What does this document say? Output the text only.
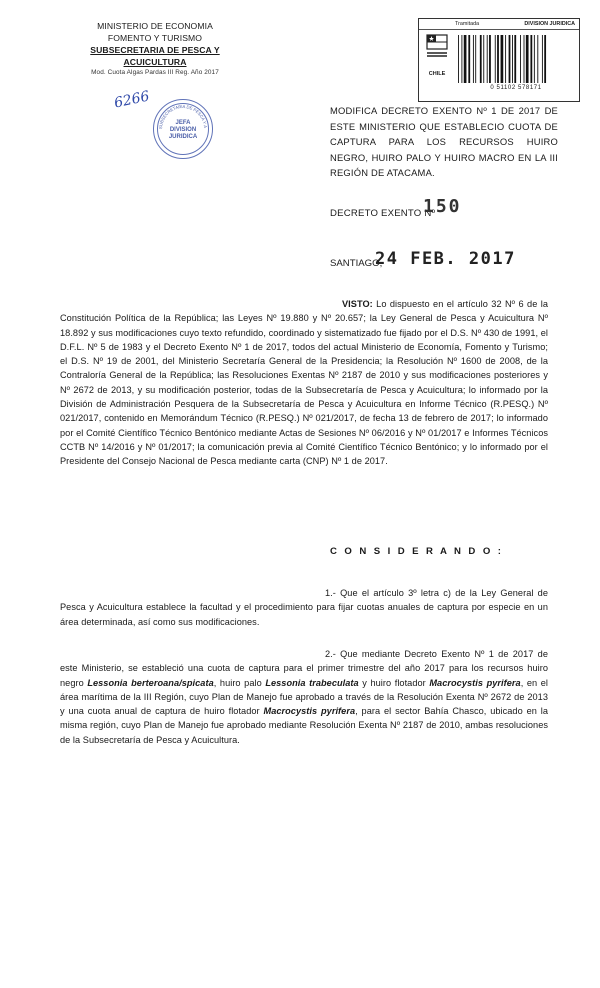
MINISTERIO DE ECONOMIA
FOMENTO Y TURISMO
SUBSECRETARIA DE PESCA Y ACUICULTURA
Mod. Cuota Algas Pardas III Reg. Año 2017
6266
SUBSECRETARIA DE PESCA Y A
JEFA
DIVISION
JURIDICA
Tramitada	DIVISION JURIDICA
CHILE
0 51102 578171
MODIFICA DECRETO EXENTO Nº 1 DE 2017 DE ESTE MINISTERIO QUE ESTABLECIO CUOTA DE CAPTURA PARA LOS RECURSOS HUIRO NEGRO, HUIRO PALO Y HUIRO MACRO EN LA III REGIÓN DE ATACAMA.
DECRETO EXENTO Nº
150
SANTIAGO,
24 FEB. 2017
VISTO: Lo dispuesto en el artículo 32 Nº 6 de la Constitución Política de la República; las Leyes Nº 19.880 y Nº 20.657; la Ley General de Pesca y Acuicultura Nº 18.892 y sus modificaciones cuyo texto refundido, coordinado y sistematizado fue fijado por el D.S. Nº 430 de 1991, el D.F.L. Nº 5 de 1983 y el Decreto Exento Nº 1 de 2017, todos del actual Ministerio de Economía, Fomento y Turismo; el D.S. Nº 19 de 2001, del Ministerio Secretaría General de la Presidencia; la Resolución Nº 1600 de 2008, de la Contraloría General de la República; las Resoluciones Exentas Nº 2187 de 2010 y sus modificaciones posteriores y Nº 2672 de 2013, y su modificación posterior, todas de la Subsecretaría de Pesca y Acuicultura; lo informado por la División de Administración Pesquera de la Subsecretaría de Pesca y Acuicultura en Informe Técnico (R.PESQ.) Nº 021/2017, contenido en Memorándum Técnico (R.PESQ.) Nº 021/2017, de fecha 13 de febrero de 2017; lo informado por el Comité Científico Técnico Bentónico mediante Actas de Sesiones Nº 06/2016 y Nº 01/2017 e Informes Técnicos CCTB Nº 14/2016 y Nº 01/2017; la comunicación previa al Comité Científico Técnico Bentónico; y lo informado por el Presidente del Consejo Nacional de Pesca mediante carta (CNP) Nº 1 de 2017.
C O N S I D E R A N D O :
1.- Que el artículo 3º letra c) de la Ley General de Pesca y Acuicultura establece la facultad y el procedimiento para fijar cuotas anuales de captura por especie en un área determinada, así como sus modificaciones.
2.- Que mediante Decreto Exento Nº 1 de 2017 de este Ministerio, se estableció una cuota de captura para el primer trimestre del año 2017 para los recursos huiro negro Lessonia berteroana/spicata, huiro palo Lessonia trabeculata y huiro flotador Macrocystis pyrifera, en el área marítima de la III Región, cuyo Plan de Manejo fue aprobado a través de la Resolución Exenta Nº 2672 de 2013 y una cuota anual de captura de huiro flotador Macrocystis pyrifera, para el sector Bahía Chasco, ubicado en la misma región, cuyo Plan de Manejo fue aprobado mediante Resolución Exenta Nº 2187 de 2010, ambas resoluciones de la Subsecretaría de Pesca y Acuicultura.
